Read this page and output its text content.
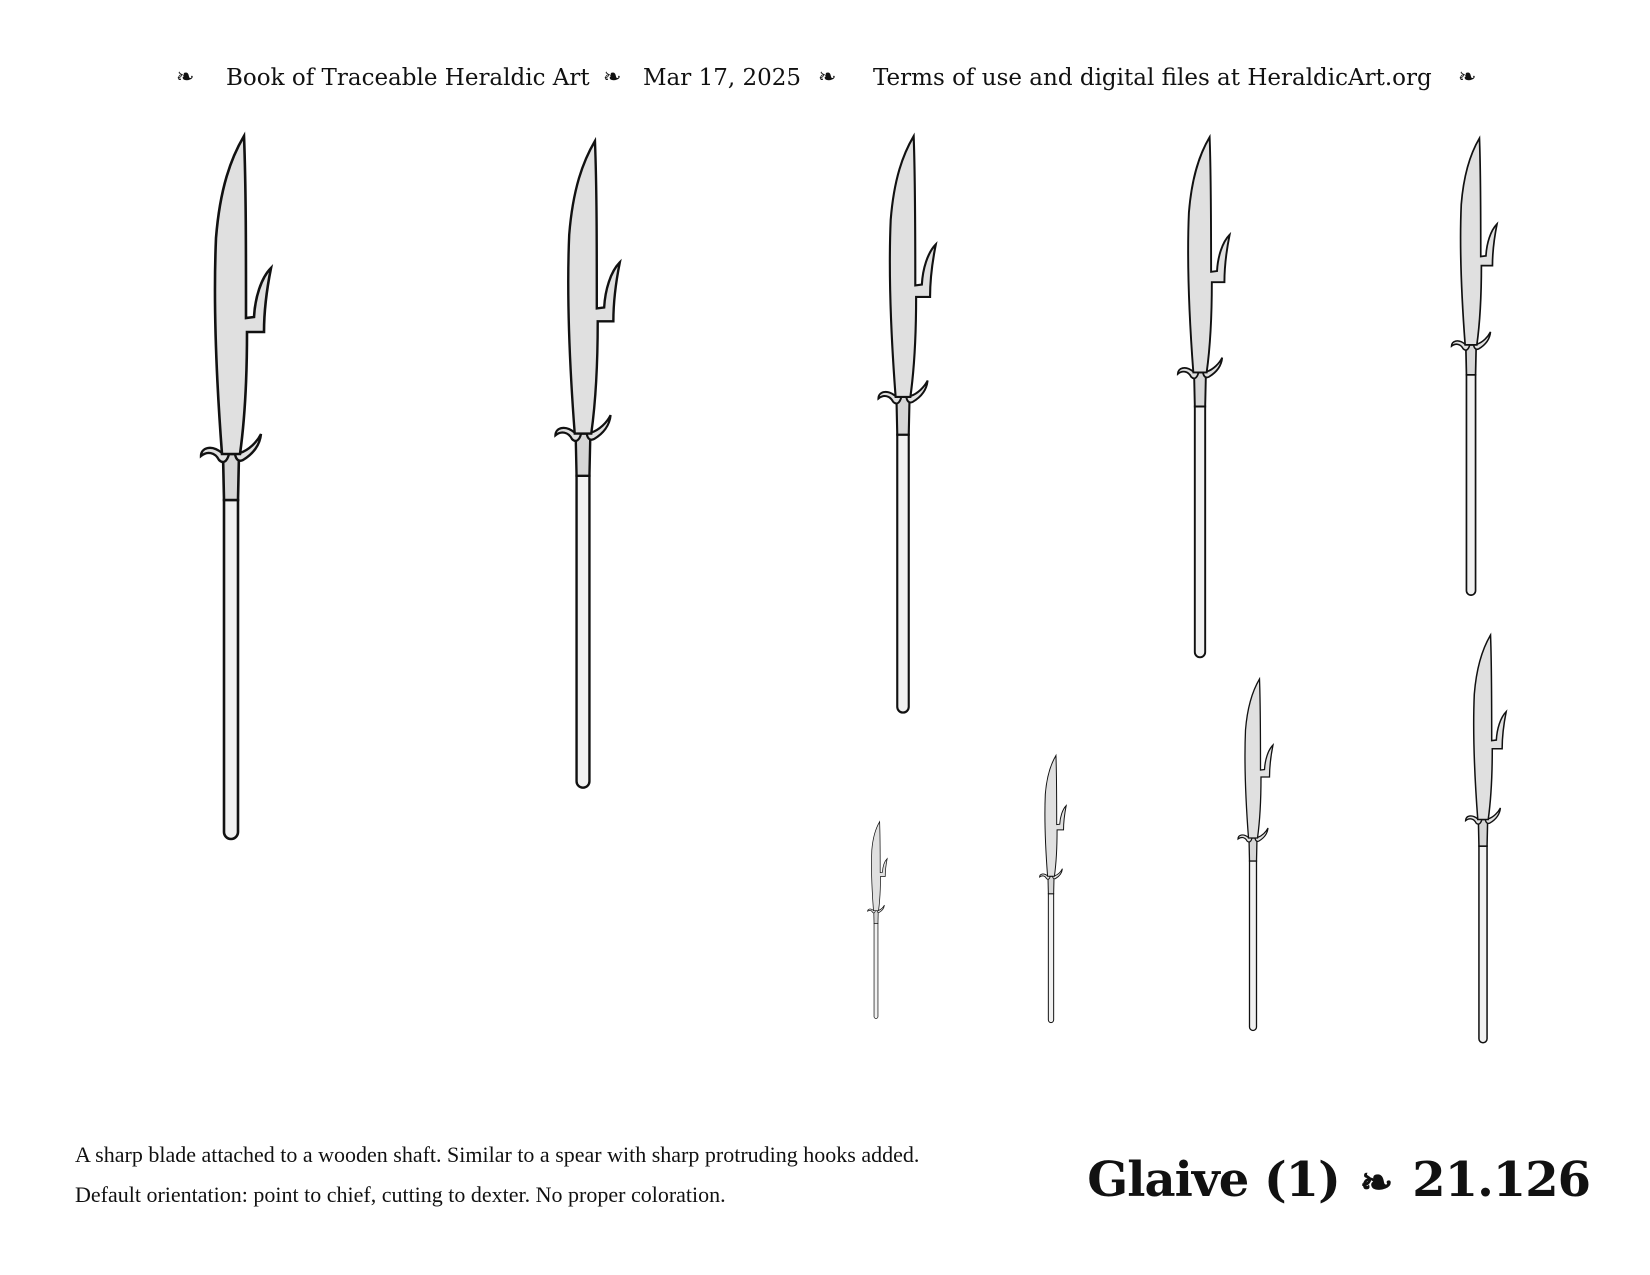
❧ Book of Traceable Heraldic Art ❧ Mar 17, 2025 ❧ Terms of use and digital files at HeraldicArt.org ❧
A sharp blade attached to a wooden shaft. Similar to a spear with sharp protruding hooks added.
Default orientation: point to chief, cutting to dexter. No proper coloration.	Glaive (1) ❧ 21.126
